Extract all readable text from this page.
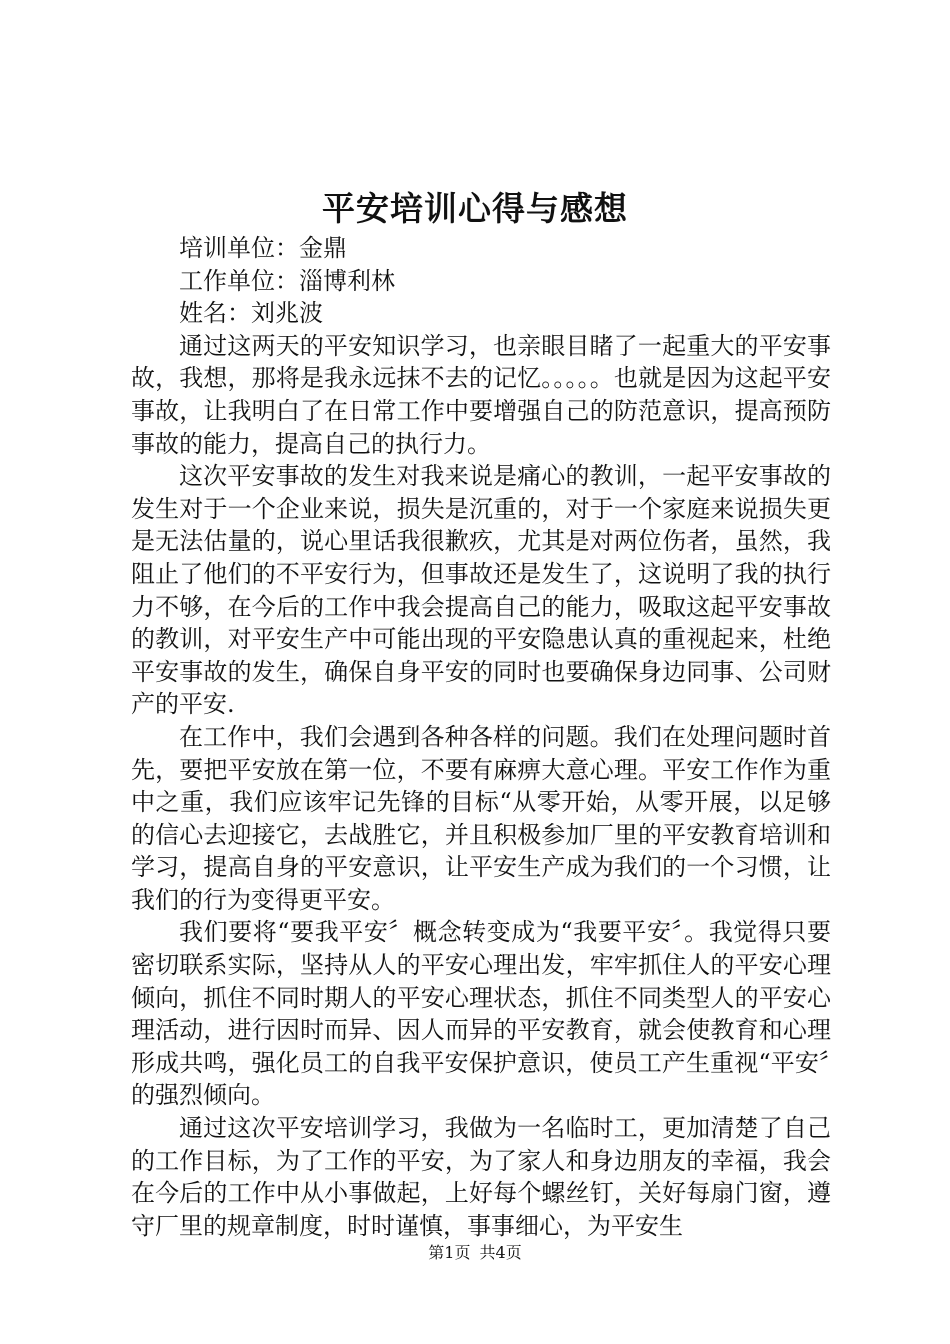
平安培训心得与感想

培训单位：金鼎

工作单位：淄博利林

姓名：刘兆波

通过这两天的平安知识学习，也亲眼目睹了一起重大的平安事故，我想，那将是我永远抹不去的记忆。。。。。也就是因为这起平安事故，让我明白了在日常工作中要增强自己的防范意识，提高预防事故的能力，提高自己的执行力。

这次平安事故的发生对我来说是痛心的教训，一起平安事故的发生对于一个企业来说，损失是沉重的，对于一个家庭来说损失更是无法估量的，说心里话我很歉疚，尤其是对两位伤者，虽然，我阻止了他们的不平安行为，但事故还是发生了，这说明了我的执行力不够，在今后的工作中我会提高自己的能力，吸取这起平安事故的教训，对平安生产中可能出现的平安隐患认真的重视起来，杜绝平安事故的发生，确保自身平安的同时也要确保身边同事、公司财产的平安.

在工作中，我们会遇到各种各样的问题。我们在处理问题时首先，要把平安放在第一位，不要有麻痹大意心理。平安工作作为重中之重，我们应该牢记先锋的目标“从零开始，从零开展，以足够的信心去迎接它，去战胜它，并且积极参加厂里的平安教育培训和学习，提高自身的平安意识，让平安生产成为我们的一个习惯，让我们的行为变得更平安。

我们要将“要我平安〞概念转变成为“我要平安〞。我觉得只要密切联系实际，坚持从人的平安心理出发，牢牢抓住人的平安心理倾向，抓住不同时期人的平安心理状态，抓住不同类型人的平安心理活动，进行因时而异、因人而异的平安教育，就会使教育和心理形成共鸣，强化员工的自我平安保护意识，使员工产生重视“平安〞的强烈倾向。

通过这次平安培训学习，我做为一名临时工，更加清楚了自己的工作目标，为了工作的平安，为了家人和身边朋友的幸福，我会在今后的工作中从小事做起，上好每个螺丝钉，关好每扇门窗，遵守厂里的规章制度，时时谨慎，事事细心，为平安生

第1页 共4页
